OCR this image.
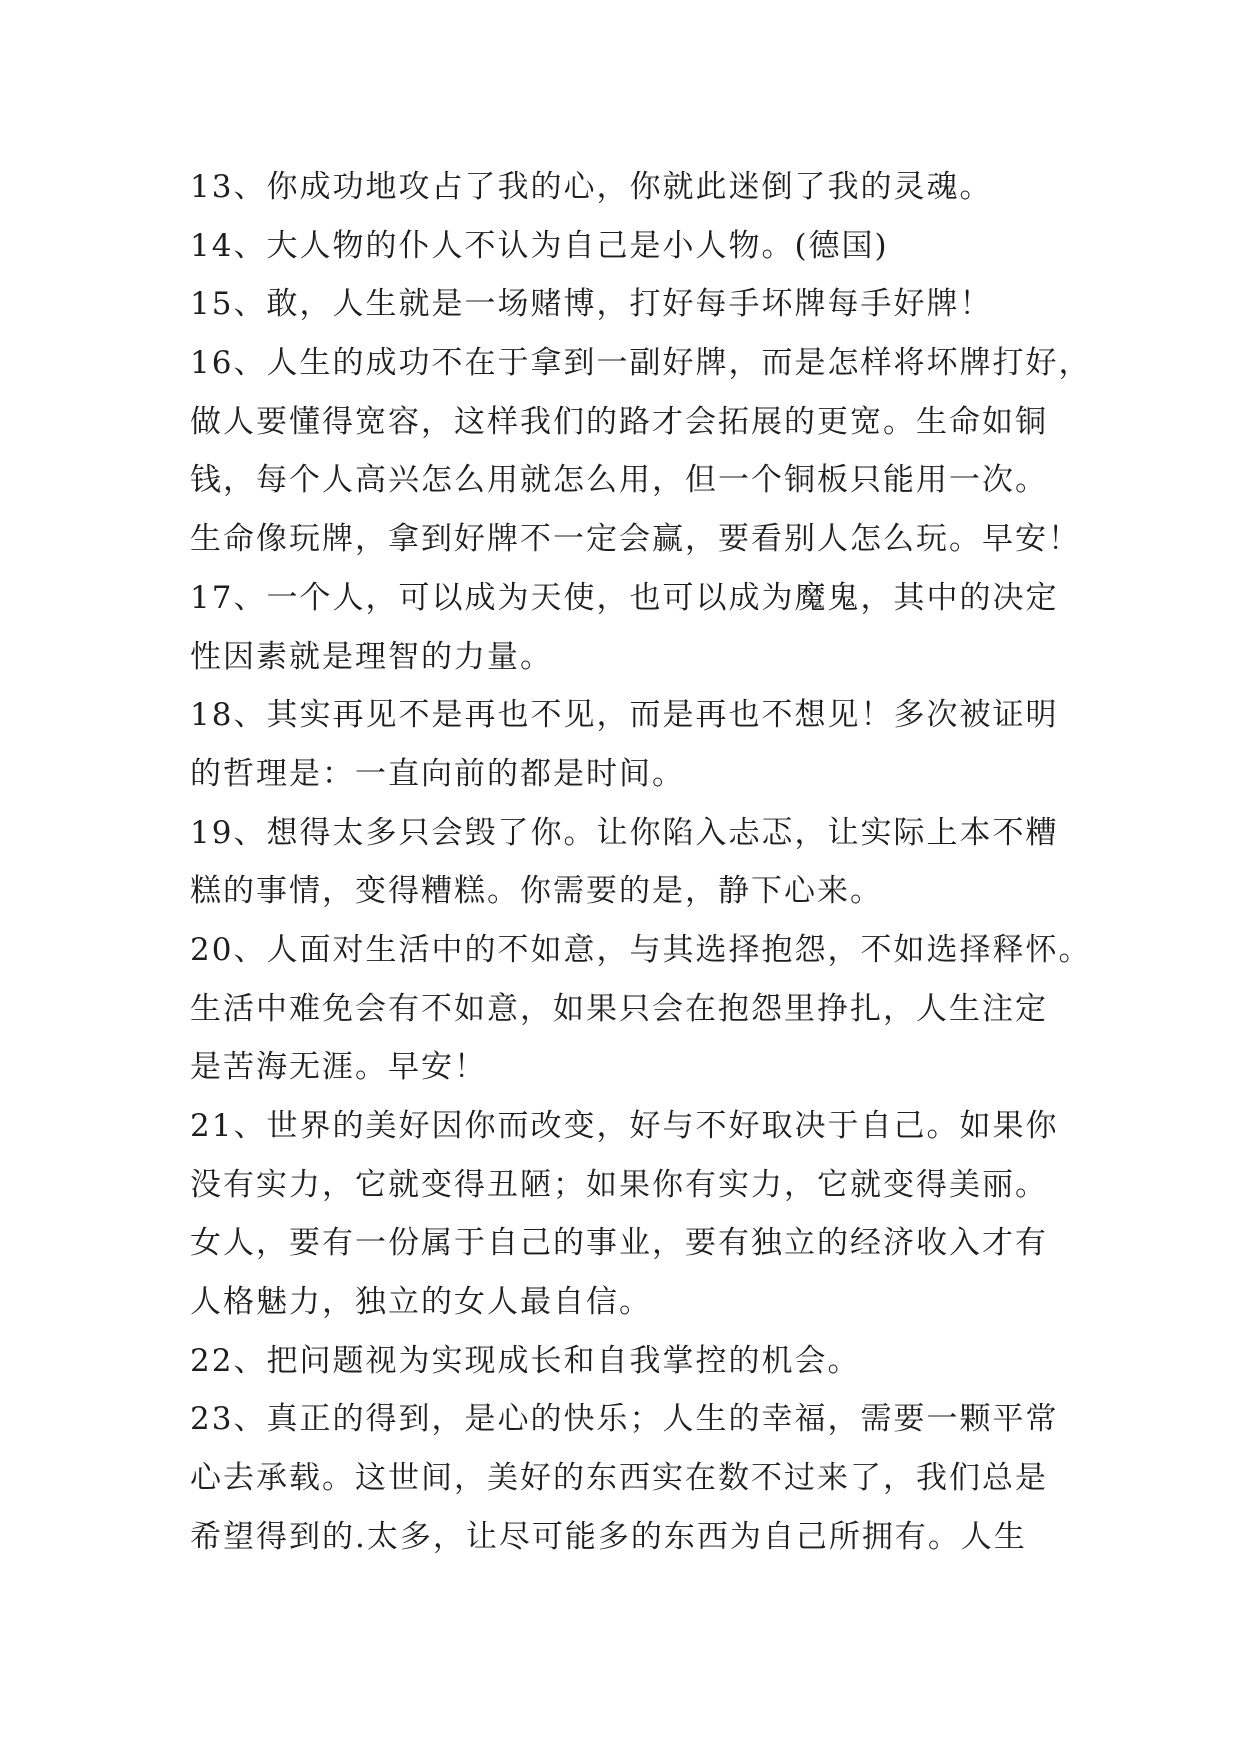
13、你成功地攻占了我的心，你就此迷倒了我的灵魂。
14、大人物的仆人不认为自己是小人物。(德国)
15、敢，人生就是一场赌博，打好每手坏牌每手好牌！
16、人生的成功不在于拿到一副好牌，而是怎样将坏牌打好，
做人要懂得宽容，这样我们的路才会拓展的更宽。生命如铜
钱，每个人高兴怎么用就怎么用，但一个铜板只能用一次。
生命像玩牌，拿到好牌不一定会赢，要看别人怎么玩。早安！
17、一个人，可以成为天使，也可以成为魔鬼，其中的决定
性因素就是理智的力量。
18、其实再见不是再也不见，而是再也不想见！多次被证明
的哲理是：一直向前的都是时间。
19、想得太多只会毁了你。让你陷入忐忑，让实际上本不糟
糕的事情，变得糟糕。你需要的是，静下心来。
20、人面对生活中的不如意，与其选择抱怨，不如选择释怀。
生活中难免会有不如意，如果只会在抱怨里挣扎，人生注定
是苦海无涯。早安！
21、世界的美好因你而改变，好与不好取决于自己。如果你
没有实力，它就变得丑陋；如果你有实力，它就变得美丽。
女人，要有一份属于自己的事业，要有独立的经济收入才有
人格魅力，独立的女人最自信。
22、把问题视为实现成长和自我掌控的机会。
23、真正的得到，是心的快乐；人生的幸福，需要一颗平常
心去承载。这世间，美好的东西实在数不过来了，我们总是
希望得到的.太多，让尽可能多的东西为自己所拥有。人生
